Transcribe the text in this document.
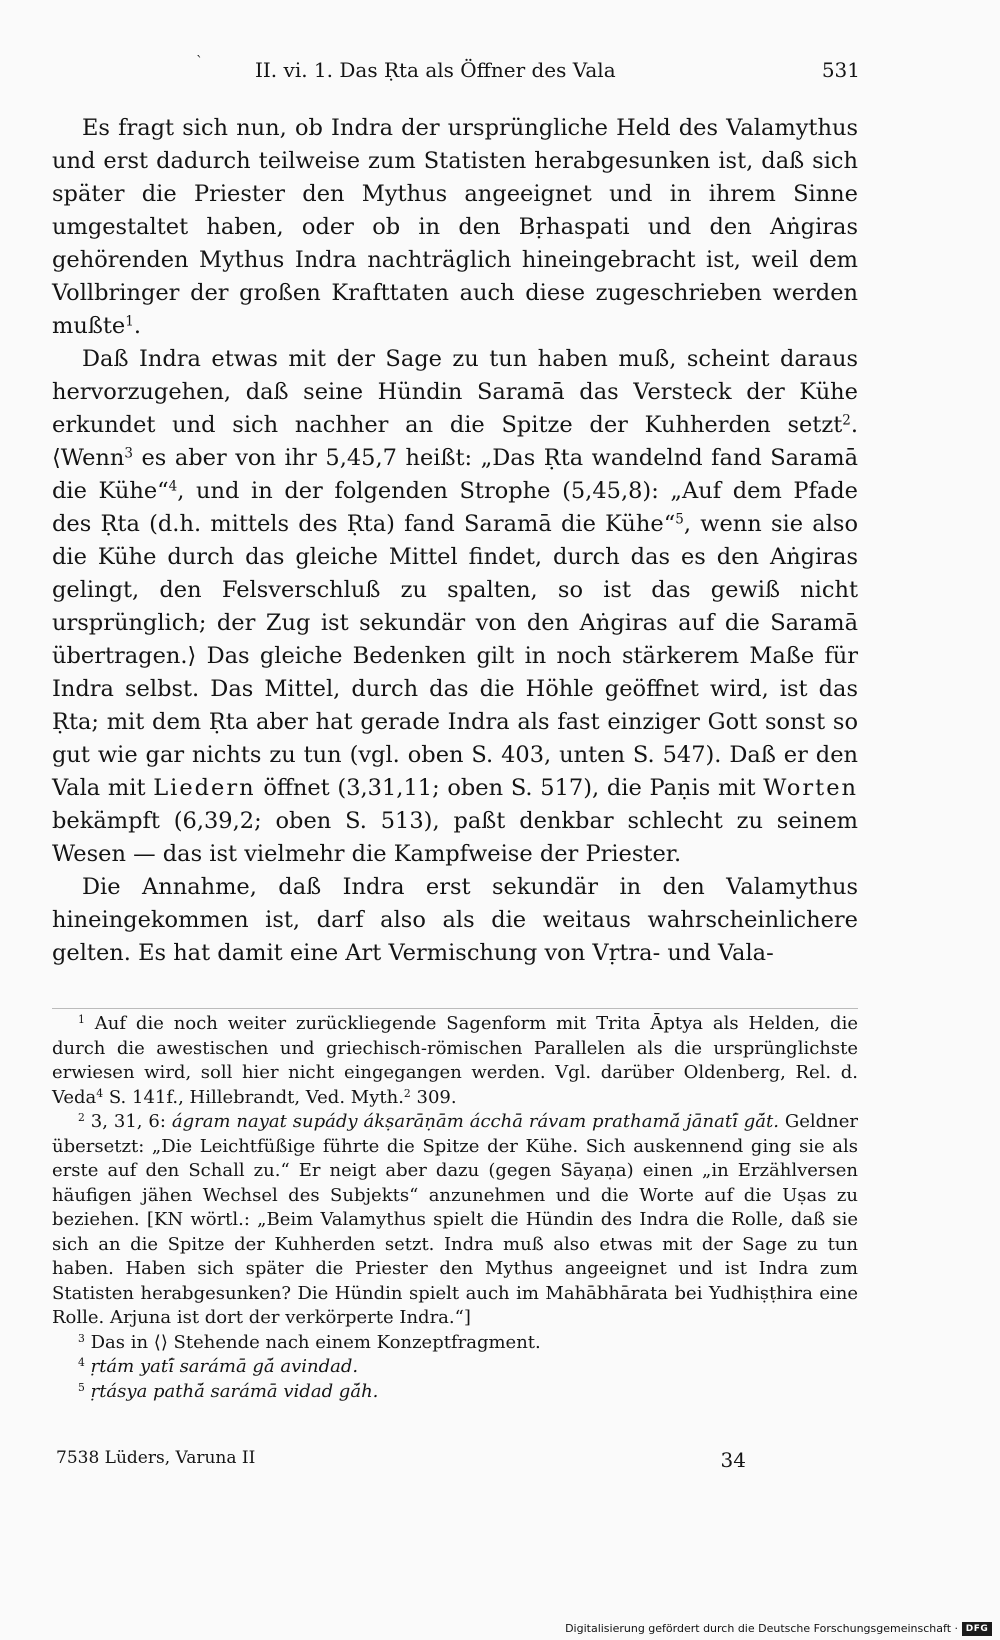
`	II. vi. 1. Das Ṛta als Öffner des Vala	531

Es fragt sich nun, ob Indra der ursprüngliche Held des Valamythus und erst dadurch teilweise zum Statisten herabgesunken ist, daß sich später die Priester den Mythus angeeignet und in ihrem Sinne umgestaltet haben, oder ob in den Bṛhaspati und den Aṅgiras gehörenden Mythus Indra nachträglich hineingebracht ist, weil dem Vollbringer der großen Krafttaten auch diese zugeschrieben werden mußte$^1$.

Daß Indra etwas mit der Sage zu tun haben muß, scheint daraus hervorzugehen, daß seine Hündin Saramā das Versteck der Kühe erkundet und sich nachher an die Spitze der Kuhherden setzt$^2$. ⟨Wenn$^3$ es aber von ihr 5,45,7 heißt: „Das Ṛta wandelnd fand Saramā die Kühe“$^4$, und in der folgenden Strophe (5,45,8): „Auf dem Pfade des Ṛta (d.h. mittels des Ṛta) fand Saramā die Kühe“$^5$, wenn sie also die Kühe durch das gleiche Mittel findet, durch das es den Aṅgiras gelingt, den Felsverschluß zu spalten, so ist das gewiß nicht ursprünglich; der Zug ist sekundär von den Aṅgiras auf die Saramā übertragen.⟩ Das gleiche Bedenken gilt in noch stärkerem Maße für Indra selbst. Das Mittel, durch das die Höhle geöffnet wird, ist das Ṛta; mit dem Ṛta aber hat gerade Indra als fast einziger Gott sonst so gut wie gar nichts zu tun (vgl. oben S. 403, unten S. 547). Daß er den Vala mit Liedern öffnet (3,31,11; oben S. 517), die Paṇis mit Worten bekämpft (6,39,2; oben S. 513), paßt denkbar schlecht zu seinem Wesen — das ist vielmehr die Kampfweise der Priester.

Die Annahme, daß Indra erst sekundär in den Valamythus hineingekommen ist, darf also als die weitaus wahrscheinlichere gelten. Es hat damit eine Art Vermischung von Vṛtra- und Vala-

$^1$ Auf die noch weiter zurückliegende Sagenform mit Trita Āptya als Helden, die durch die awestischen und griechisch-römischen Parallelen als die ursprünglichste erwiesen wird, soll hier nicht eingegangen werden. Vgl. darüber Oldenberg, Rel. d. Veda$^4$ S. 141f., Hillebrandt, Ved. Myth.$^2$ 309.

$^2$ 3, 31, 6: ágram nayat supády ákṣarāṇām ácchā rávam prathamā́ jānatī́ gā́t. Geldner übersetzt: „Die Leichtfüßige führte die Spitze der Kühe. Sich auskennend ging sie als erste auf den Schall zu.“ Er neigt aber dazu (gegen Sāyaṇa) einen „in Erzählversen häufigen jähen Wechsel des Subjekts“ anzunehmen und die Worte auf die Uṣas zu beziehen. [KN wörtl.: „Beim Valamythus spielt die Hündin des Indra die Rolle, daß sie sich an die Spitze der Kuhherden setzt. Indra muß also etwas mit der Sage zu tun haben. Haben sich später die Priester den Mythus angeeignet und ist Indra zum Statisten herabgesunken? Die Hündin spielt auch im Mahābhārata bei Yudhiṣṭhira eine Rolle. Arjuna ist dort der verkörperte Indra.“]

$^3$ Das in ⟨⟩ Stehende nach einem Konzeptfragment.

$^4$ ṛtám yatī́ sarámā gā́ avindad.

$^5$ ṛtásya pathā́ sarámā vidad gā́h.

7538 Lüders, Varuna II	34
Digitalisierung gefördert durch die Deutsche Forschungsgemeinschaft · DFG
